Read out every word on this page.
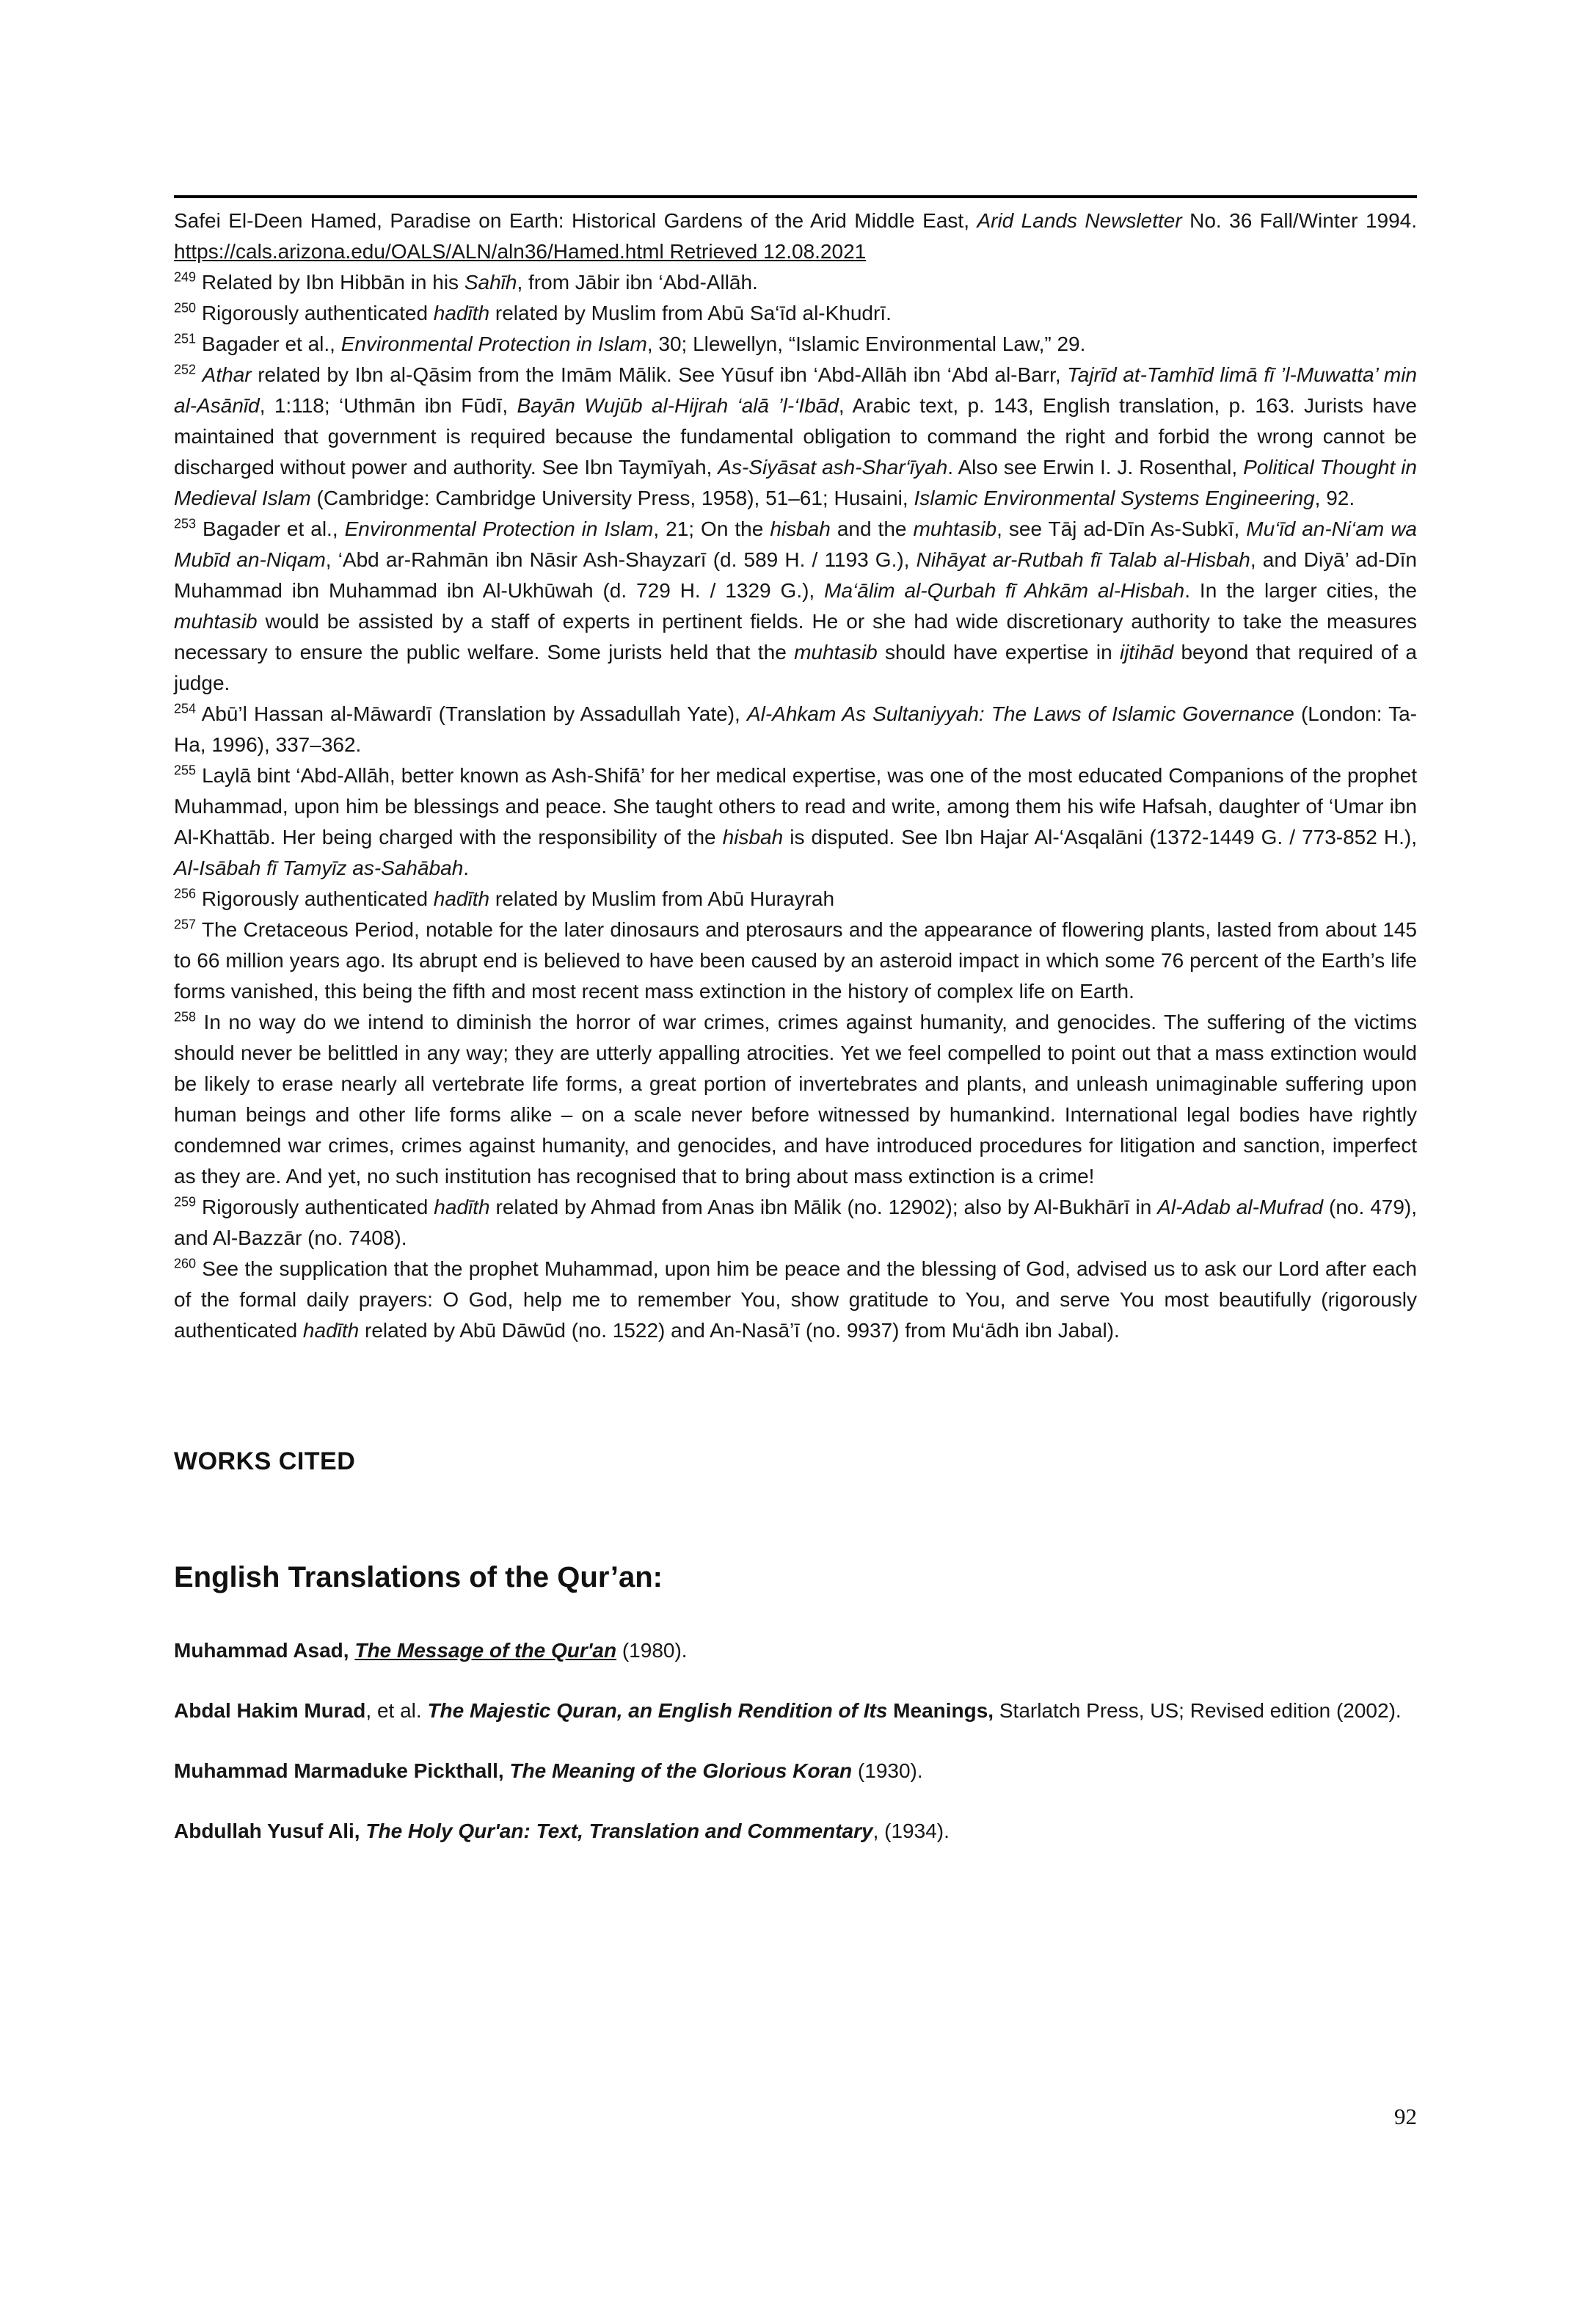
Safei El-Deen Hamed, Paradise on Earth: Historical Gardens of the Arid Middle East, Arid Lands Newsletter No. 36 Fall/Winter 1994. https://cals.arizona.edu/OALS/ALN/aln36/Hamed.html Retrieved 12.08.2021

$^{249}$ Related by Ibn Hibbān in his Sahīh, from Jābir ibn ‘Abd-Allāh.

$^{250}$ Rigorously authenticated hadīth related by Muslim from Abū Sa‘īd al-Khudrī.

$^{251}$ Bagader et al., Environmental Protection in Islam, 30; Llewellyn, “Islamic Environmental Law,” 29.

$^{252}$ Athar related by Ibn al-Qāsim from the Imām Mālik. See Yūsuf ibn ‘Abd-Allāh ibn ‘Abd al-Barr, Tajrīd at-Tamhīd limā fī ’l-Muwatta’ min al-Asānīd, 1:118; ‘Uthmān ibn Fūdī, Bayān Wujūb al-Hijrah ‘alā ’l-‘Ibād, Arabic text, p. 143, English translation, p. 163. Jurists have maintained that government is required because the fundamental obligation to command the right and forbid the wrong cannot be discharged without power and authority. See Ibn Taymīyah, As-Siyāsat ash-Shar‘īyah. Also see Erwin I. J. Rosenthal, Political Thought in Medieval Islam (Cambridge: Cambridge University Press, 1958), 51–61; Husaini, Islamic Environmental Systems Engineering, 92.

$^{253}$ Bagader et al., Environmental Protection in Islam, 21; On the hisbah and the muhtasib, see Tāj ad-Dīn As-Subkī, Mu‘īd an-Ni‘am wa Mubīd an-Niqam, ‘Abd ar-Rahmān ibn Nāsir Ash-Shayzarī (d. 589 H. / 1193 G.), Nihāyat ar-Rutbah fī Talab al-Hisbah, and Diyā’ ad-Dīn Muhammad ibn Muhammad ibn Al-Ukhūwah (d. 729 H. / 1329 G.), Ma‘ālim al-Qurbah fī Ahkām al-Hisbah. In the larger cities, the muhtasib would be assisted by a staff of experts in pertinent fields. He or she had wide discretionary authority to take the measures necessary to ensure the public welfare. Some jurists held that the muhtasib should have expertise in ijtihād beyond that required of a judge.

$^{254}$ Abū’l Hassan al-Māwardī (Translation by Assadullah Yate), Al-Ahkam As Sultaniyyah: The Laws of Islamic Governance (London: Ta-Ha, 1996), 337–362.

$^{255}$ Laylā bint ‘Abd-Allāh, better known as Ash-Shifā’ for her medical expertise, was one of the most educated Companions of the prophet Muhammad, upon him be blessings and peace. She taught others to read and write, among them his wife Hafsah, daughter of ‘Umar ibn Al-Khattāb. Her being charged with the responsibility of the hisbah is disputed. See Ibn Hajar Al-‘Asqalāni (1372-1449 G. / 773-852 H.), Al-Isābah fī Tamyīz as-Sahābah.

$^{256}$ Rigorously authenticated hadīth related by Muslim from Abū Hurayrah

$^{257}$ The Cretaceous Period, notable for the later dinosaurs and pterosaurs and the appearance of flowering plants, lasted from about 145 to 66 million years ago. Its abrupt end is believed to have been caused by an asteroid impact in which some 76 percent of the Earth’s life forms vanished, this being the fifth and most recent mass extinction in the history of complex life on Earth.

$^{258}$ In no way do we intend to diminish the horror of war crimes, crimes against humanity, and genocides. The suffering of the victims should never be belittled in any way; they are utterly appalling atrocities. Yet we feel compelled to point out that a mass extinction would be likely to erase nearly all vertebrate life forms, a great portion of invertebrates and plants, and unleash unimaginable suffering upon human beings and other life forms alike – on a scale never before witnessed by humankind. International legal bodies have rightly condemned war crimes, crimes against humanity, and genocides, and have introduced procedures for litigation and sanction, imperfect as they are. And yet, no such institution has recognised that to bring about mass extinction is a crime!

$^{259}$ Rigorously authenticated hadīth related by Ahmad from Anas ibn Mālik (no. 12902); also by Al-Bukhārī in Al-Adab al-Mufrad (no. 479), and Al-Bazzār (no. 7408).

$^{260}$ See the supplication that the prophet Muhammad, upon him be peace and the blessing of God, advised us to ask our Lord after each of the formal daily prayers: O God, help me to remember You, show gratitude to You, and serve You most beautifully (rigorously authenticated hadīth related by Abū Dāwūd (no. 1522) and An-Nasā’ī (no. 9937) from Mu‘ādh ibn Jabal).

WORKS CITED
English Translations of the Qur’an:

Muhammad Asad, The Message of the Qur'an (1980).

Abdal Hakim Murad, et al. The Majestic Quran, an English Rendition of Its Meanings, Starlatch Press, US; Revised edition (2002).

Muhammad Marmaduke Pickthall, The Meaning of the Glorious Koran (1930).

Abdullah Yusuf Ali, The Holy Qur'an: Text, Translation and Commentary, (1934).

92
